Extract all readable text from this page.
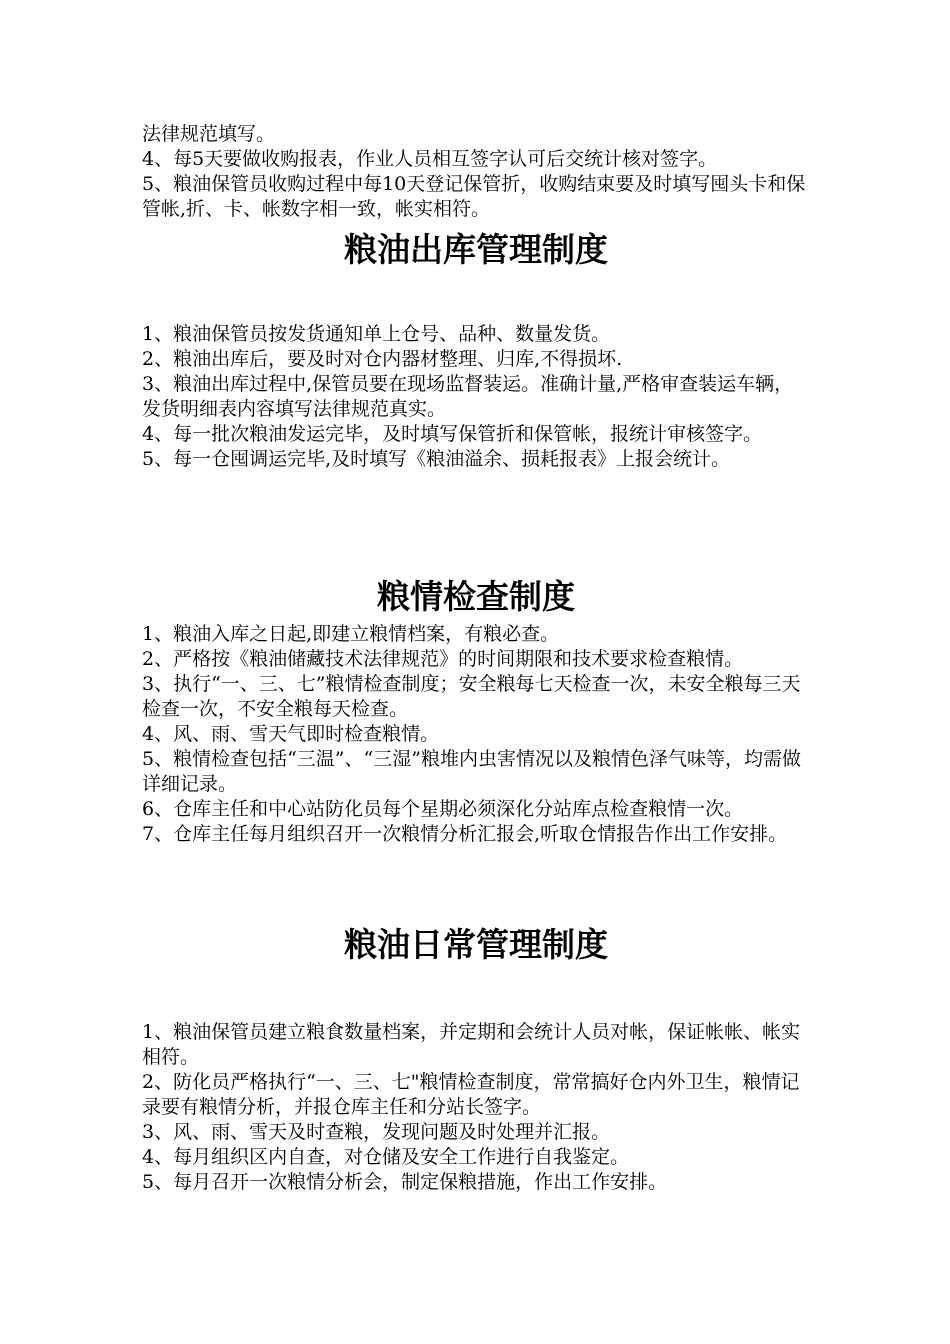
法律规范填写。

4、每5天要做收购报表，作业人员相互签字认可后交统计核对签字。

5、粮油保管员收购过程中每10天登记保管折，收购结束要及时填写囤头卡和保管帐,折、卡、帐数字相一致，帐实相符。

粮油出库管理制度

1、粮油保管员按发货通知单上仓号、品种、数量发货。

2、粮油出库后，要及时对仓内器材整理、归库,不得损坏.

3、粮油出库过程中,保管员要在现场监督装运。准确计量,严格审查装运车辆，发货明细表内容填写法律规范真实。

4、每一批次粮油发运完毕，及时填写保管折和保管帐，报统计审核签字。

5、每一仓囤调运完毕,及时填写《粮油溢余、损耗报表》上报会统计。

粮情检查制度

1、粮油入库之日起,即建立粮情档案，有粮必查。

2、严格按《粮油储藏技术法律规范》的时间期限和技术要求检查粮情。

3、执行“一、三、七”粮情检查制度；安全粮每七天检查一次，未安全粮每三天检查一次，不安全粮每天检查。

4、风、雨、雪天气即时检查粮情。

5、粮情检查包括“三温”、“三湿”粮堆内虫害情况以及粮情色泽气味等，均需做详细记录。

6、仓库主任和中心站防化员每个星期必须深化分站库点检查粮情一次。

7、仓库主任每月组织召开一次粮情分析汇报会,听取仓情报告作出工作安排。

粮油日常管理制度

1、粮油保管员建立粮食数量档案，并定期和会统计人员对帐，保证帐帐、帐实相符。

2、防化员严格执行“一、三、七"粮情检查制度，常常搞好仓内外卫生，粮情记录要有粮情分析，并报仓库主任和分站长签字。

3、风、雨、雪天及时查粮，发现问题及时处理并汇报。

4、每月组织区内自查，对仓储及安全工作进行自我鉴定。

5、每月召开一次粮情分析会，制定保粮措施，作出工作安排。
